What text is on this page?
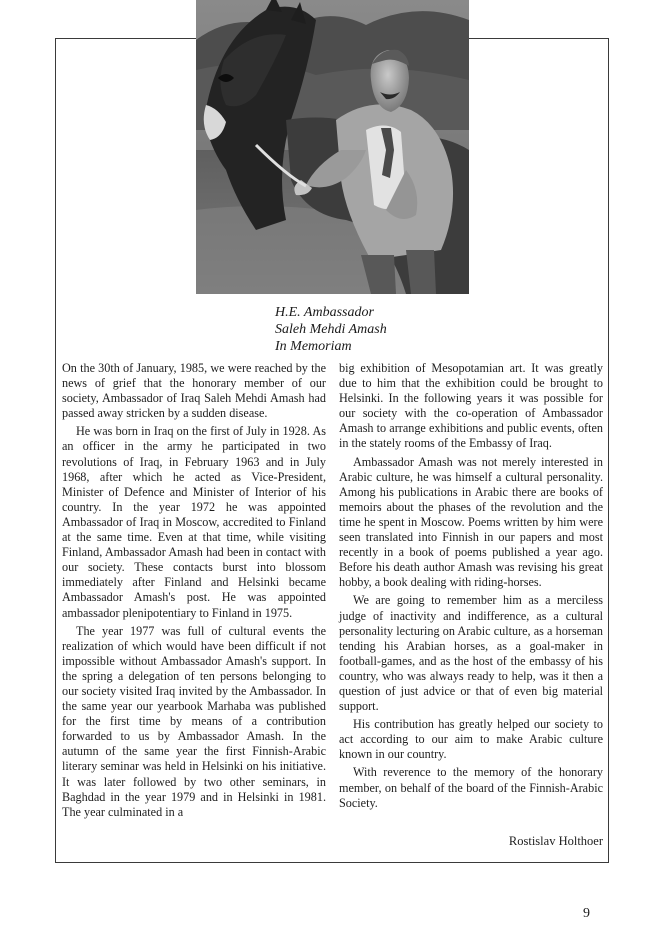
H.E. Ambassador
Saleh Mehdi Amash
In Memoriam

On the 30th of January, 1985, we were reached by the news of grief that the honorary member of our society, Ambassador of Iraq Saleh Mehdi Amash had passed away stricken by a sudden disease.

He was born in Iraq on the first of July in 1928. As an officer in the army he participated in two revolutions of Iraq, in February 1963 and in July 1968, after which he acted as Vice-President, Minister of Defence and Minister of Interior of his country. In the year 1972 he was appointed Ambassador of Iraq in Moscow, accredited to Finland at the same time. Even at that time, while visiting Finland, Ambassador Amash had been in contact with our society. These contacts burst into blossom immediately after Finland and Helsinki became Ambassador Amash's post. He was appointed ambassador plenipotentiary to Finland in 1975.

The year 1977 was full of cultural events the realization of which would have been difficult if not impossible without Ambassador Amash's support. In the spring a delegation of ten persons belonging to our society visited Iraq invited by the Ambassador. In the same year our yearbook Marhaba was published for the first time by means of a contribution forwarded to us by Ambassador Amash. In the autumn of the same year the first Finnish-Arabic literary seminar was held in Helsinki on his initiative. It was later followed by two other seminars, in Baghdad in the year 1979 and in Helsinki in 1981. The year culminated in a

big exhibition of Mesopotamian art. It was greatly due to him that the exhibition could be brought to Helsinki. In the following years it was possible for our society with the co-operation of Ambassador Amash to arrange exhibitions and public events, often in the stately rooms of the Embassy of Iraq.

Ambassador Amash was not merely interested in Arabic culture, he was himself a cultural personality. Among his publications in Arabic there are books of memoirs about the phases of the revolution and the time he spent in Moscow. Poems written by him were seen translated into Finnish in our papers and most recently in a book of poems published a year ago. Before his death author Amash was revising his great hobby, a book dealing with riding-horses.

We are going to remember him as a merciless judge of inactivity and indifference, as a cultural personality lecturing on Arabic culture, as a horseman tending his Arabian horses, as a goal-maker in football-games, and as the host of the embassy of his country, who was always ready to help, was it then a question of just advice or that of even big material support.

His contribution has greatly helped our society to act according to our aim to make Arabic culture known in our country.

With reverence to the memory of the honorary member, on behalf of the board of the Finnish-Arabic Society.

Rostislav Holthoer
9
